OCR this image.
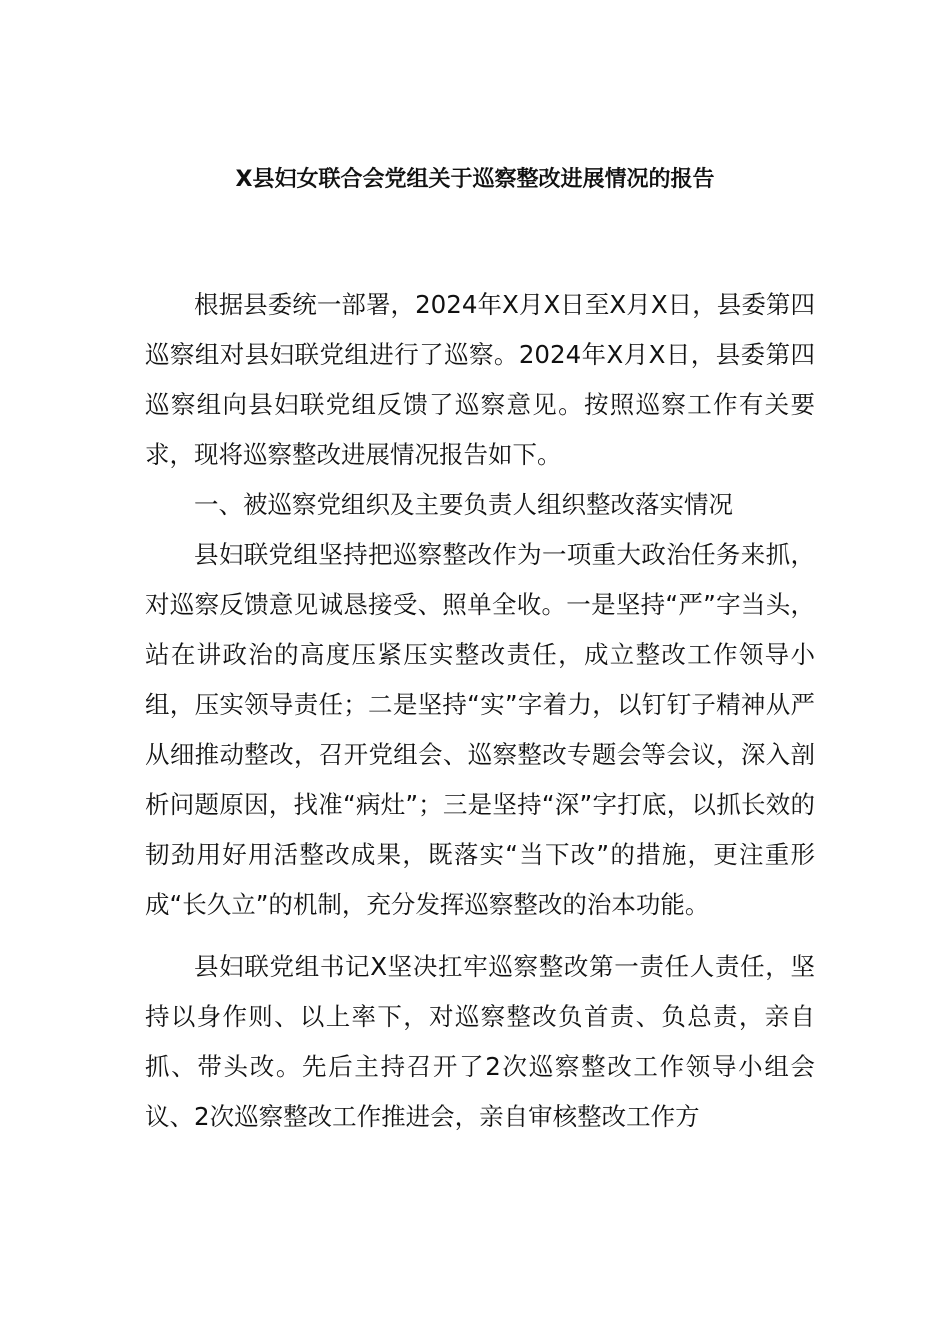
X县妇女联合会党组关于巡察整改进展情况的报告

根据县委统一部署，2024年X月X日至X月X日，县委第四巡察组对县妇联党组进行了巡察。2024年X月X日，县委第四巡察组向县妇联党组反馈了巡察意见。按照巡察工作有关要求，现将巡察整改进展情况报告如下。

一、被巡察党组织及主要负责人组织整改落实情况

县妇联党组坚持把巡察整改作为一项重大政治任务来抓，对巡察反馈意见诚恳接受、照单全收。一是坚持“严”字当头，站在讲政治的高度压紧压实整改责任，成立整改工作领导小组，压实领导责任；二是坚持“实”字着力，以钉钉子精神从严从细推动整改，召开党组会、巡察整改专题会等会议，深入剖析问题原因，找准“病灶”；三是坚持“深”字打底，以抓长效的韧劲用好用活整改成果，既落实“当下改”的措施，更注重形成“长久立”的机制，充分发挥巡察整改的治本功能。

县妇联党组书记X坚决扛牢巡察整改第一责任人责任，坚持以身作则、以上率下，对巡察整改负首责、负总责，亲自抓、带头改。先后主持召开了2次巡察整改工作领导小组会议、2次巡察整改工作推进会，亲自审核整改工作方
